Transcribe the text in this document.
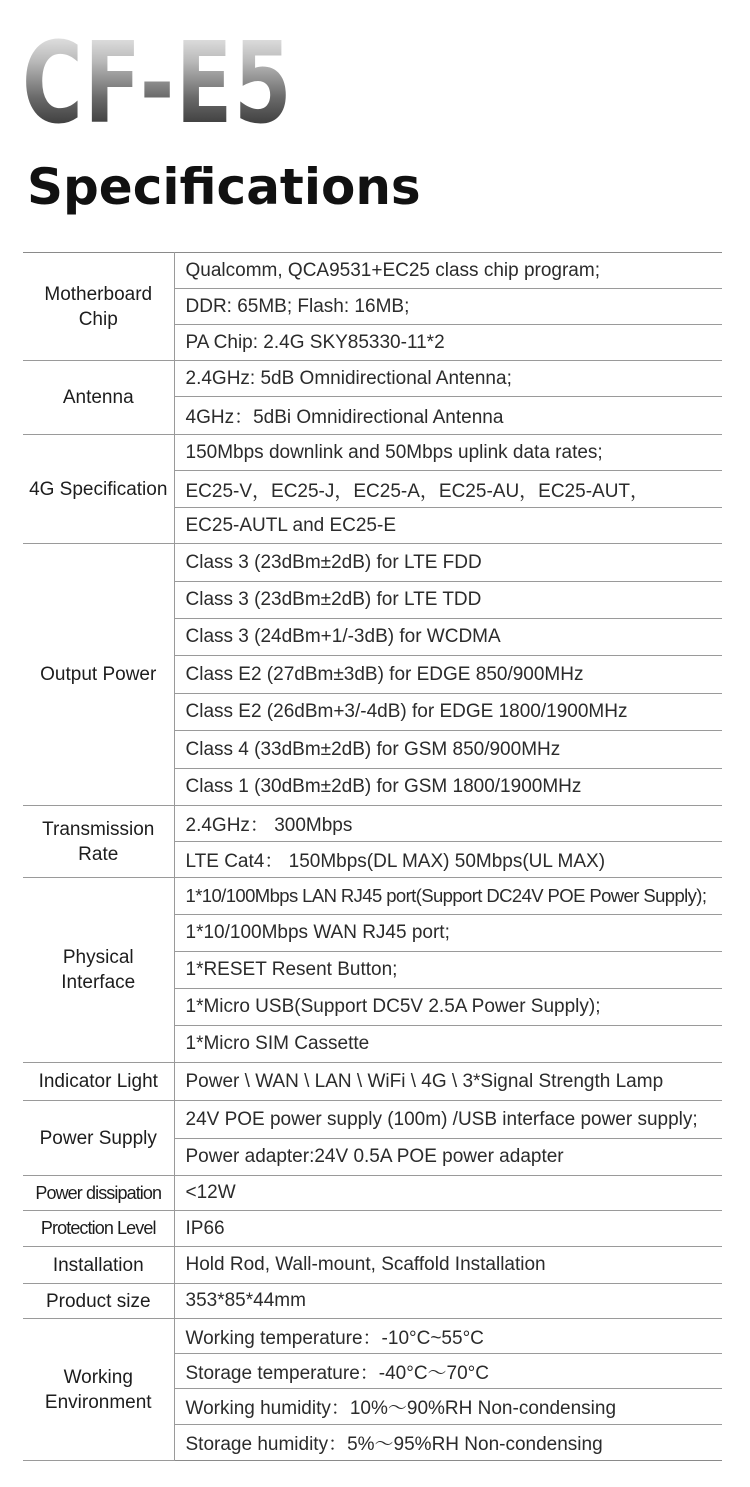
CF-E5
Specifications
Motherboard Chip	Qualcomm, QCA9531+EC25 class chip program;
	DDR: 65MB; Flash: 16MB;
	PA Chip: 2.4G SKY85330-11*2
Antenna	2.4GHz: 5dB Omnidirectional Antenna;
	4GHz：5dBi Omnidirectional Antenna
4G Specification	150Mbps downlink and 50Mbps uplink data rates;
	EC25-V，EC25-J，EC25-A，EC25-AU，EC25-AUT，
	EC25-AUTL and EC25-E
Output Power	Class 3 (23dBm±2dB) for LTE FDD
	Class 3 (23dBm±2dB) for LTE TDD
	Class 3 (24dBm+1/-3dB) for WCDMA
	Class E2 (27dBm±3dB) for EDGE 850/900MHz
	Class E2 (26dBm+3/-4dB) for EDGE 1800/1900MHz
	Class 4 (33dBm±2dB) for GSM 850/900MHz
	Class 1 (30dBm±2dB) for GSM 1800/1900MHz
Transmission Rate	2.4GHz： 300Mbps
	LTE Cat4： 150Mbps(DL MAX) 50Mbps(UL MAX)
Physical Interface	1*10/100Mbps LAN RJ45 port(Support DC24V POE Power Supply);
	1*10/100Mbps WAN RJ45 port;
	1*RESET Resent Button;
	1*Micro USB(Support DC5V 2.5A Power Supply);
	1*Micro SIM Cassette
Indicator Light	Power \ WAN \ LAN \ WiFi \ 4G \ 3*Signal Strength Lamp
Power Supply	24V POE power supply (100m) /USB interface power supply;
	Power adapter:24V 0.5A POE power adapter
Power dissipation	<12W
Protection Level	IP66
Installation	Hold Rod, Wall-mount, Scaffold Installation
Product size	353*85*44mm
Working Environment	Working temperature：-10°C~55°C
	Storage temperature：-40°C～70°C
	Working humidity：10%～90%RH Non-condensing
	Storage humidity：5%～95%RH Non-condensing
